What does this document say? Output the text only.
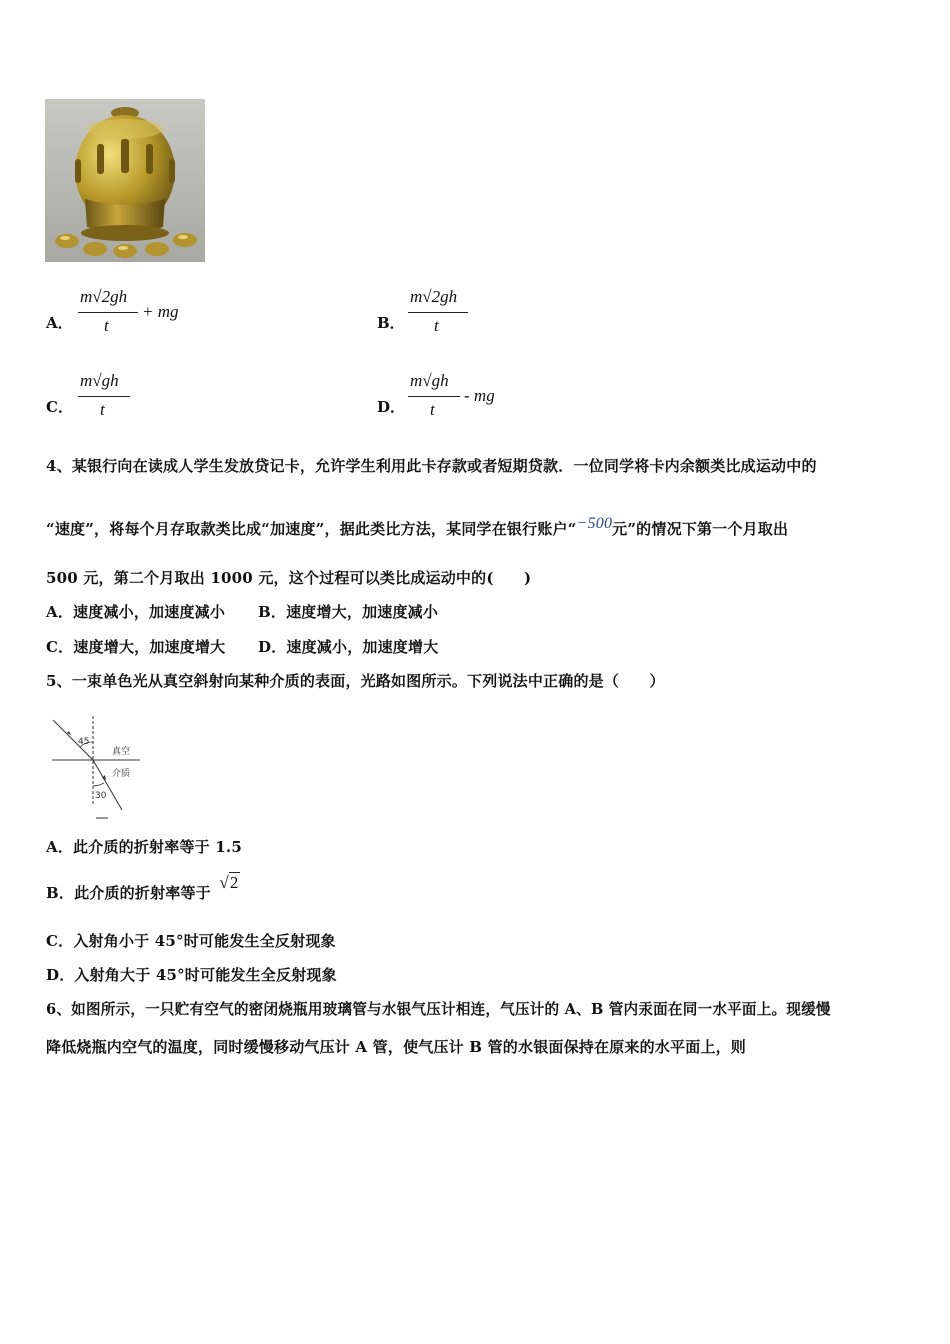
A．
m√2gh
t
+ mg
B．
m√2gh
t
C．
m√gh
t	D．
m√gh
t
- mg
4、某银行向在读成人学生发放贷记卡，允许学生利用此卡存款或者短期贷款．一位同学将卡内余额类比成运动中的
“速度”，将每个月存取款类比成“加速度”，据此类比方法，某同学在银行账户“−500元”的情况下第一个月取出
500 元，第二个月取出 1000 元，这个过程可以类比成运动中的(　　)
A．速度减小，加速度减小 B．速度增大，加速度减小
C．速度增大，加速度增大 D．速度减小，加速度增大
5、一束单色光从真空斜射向某种介质的表面，光路如图所示。下列说法中正确的是（　　）
45
30
真空
介质
A．此介质的折射率等于 1.5
B．此介质的折射率等于 √2
C．入射角小于 45°时可能发生全反射现象
D．入射角大于 45°时可能发生全反射现象
6、如图所示，一只贮有空气的密闭烧瓶用玻璃管与水银气压计相连，气压计的 A、B 管内汞面在同一水平面上。现缓慢
降低烧瓶内空气的温度，同时缓慢移动气压计 A 管，使气压计 B 管的水银面保持在原来的水平面上，则
